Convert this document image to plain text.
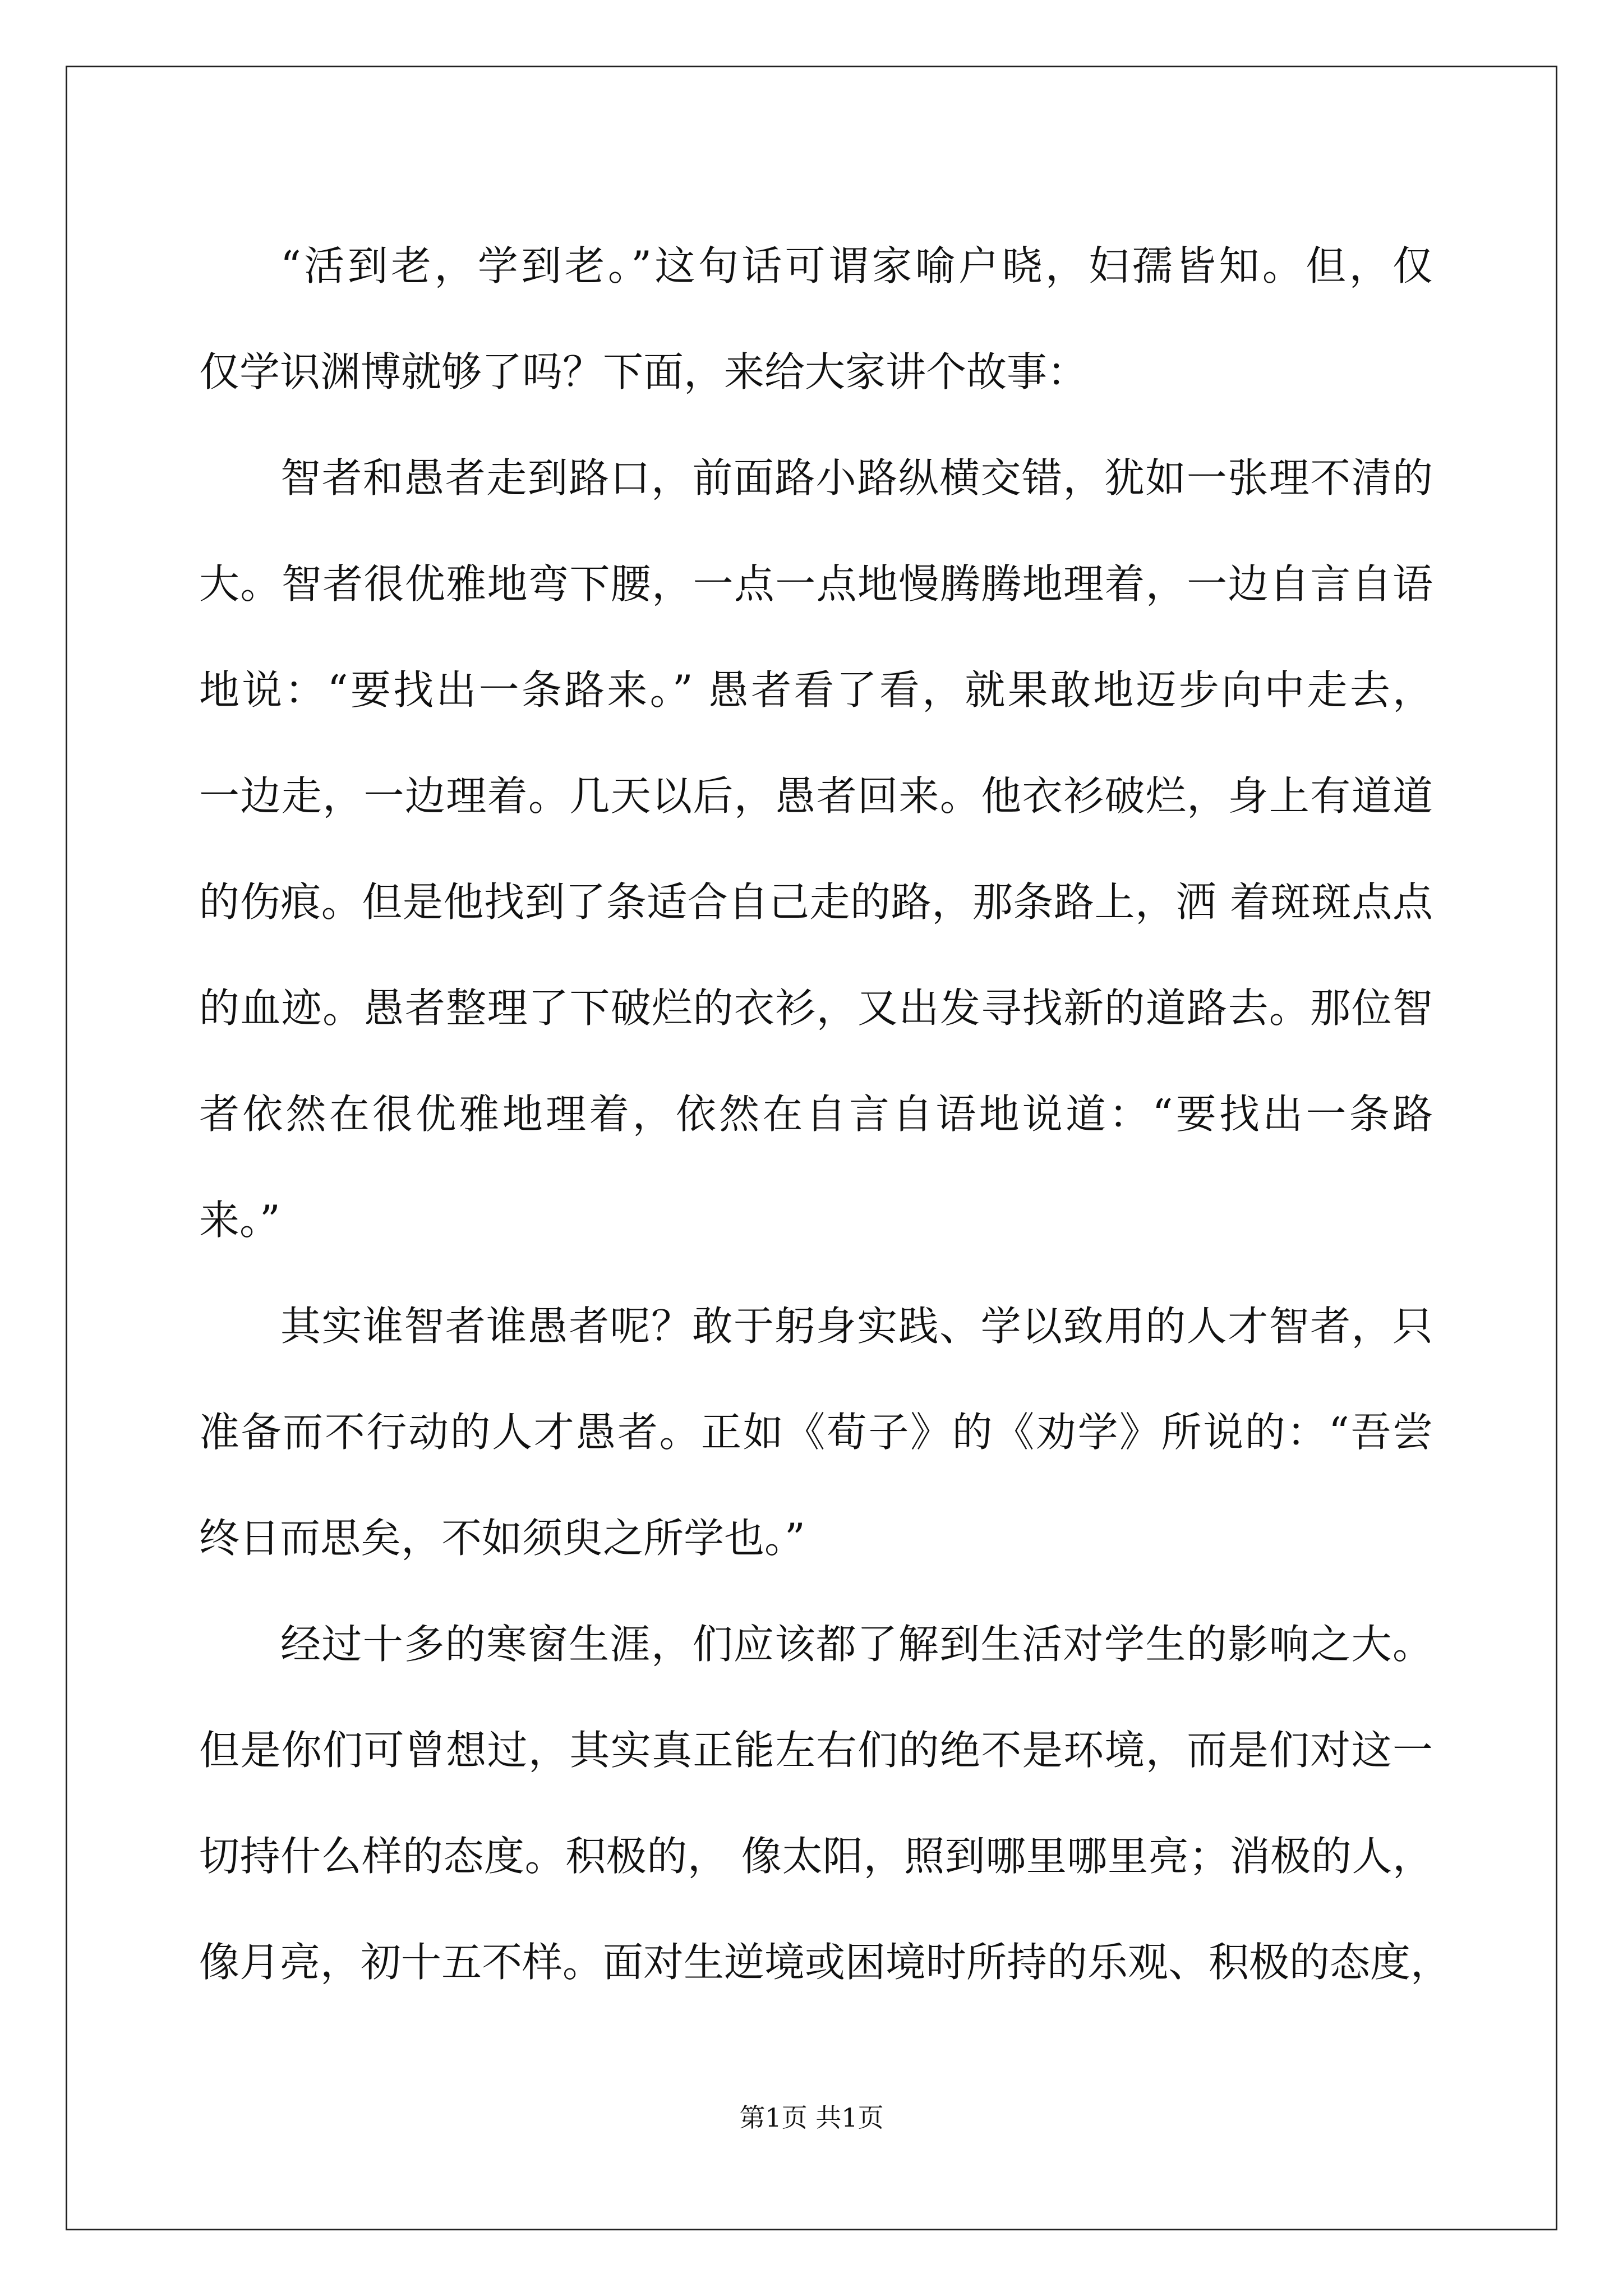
“活到老，学到老。”这句话可谓家喻户晓，妇孺皆知。但，仅
仅学识渊博就够了吗？下面，来给大家讲个故事：
智者和愚者走到路口，前面路小路纵横交错，犹如一张理不清的
大。智者很优雅地弯下腰，一点一点地慢腾腾地理着，一边自言自语
地说：“要找出一条路来。” 愚者看了看，就果敢地迈步向中走去，
一边走，一边理着。几天以后，愚者回来。他衣衫破烂，身上有道道
的伤痕。但是他找到了条适合自己走的路，那条路上，洒 着斑斑点点
的血迹。愚者整理了下破烂的衣衫，又出发寻找新的道路去。那位智
者依然在很优雅地理着，依然在自言自语地说道：“要找出一条路
来。”
其实谁智者谁愚者呢？敢于躬身实践、学以致用的人才智者，只
准备而不行动的人才愚者。正如《荀子》的《劝学》所说的：“吾尝
终日而思矣，不如须臾之所学也。”
经过十多的寒窗生涯，们应该都了解到生活对学生的影响之大。
但是你们可曾想过，其实真正能左右们的绝不是环境，而是们对这一
切持什么样的态度。积极的， 像太阳，照到哪里哪里亮；消极的人，
像月亮，初十五不样。面对生逆境或困境时所持的乐观、积极的态度，
第1页 共1页
